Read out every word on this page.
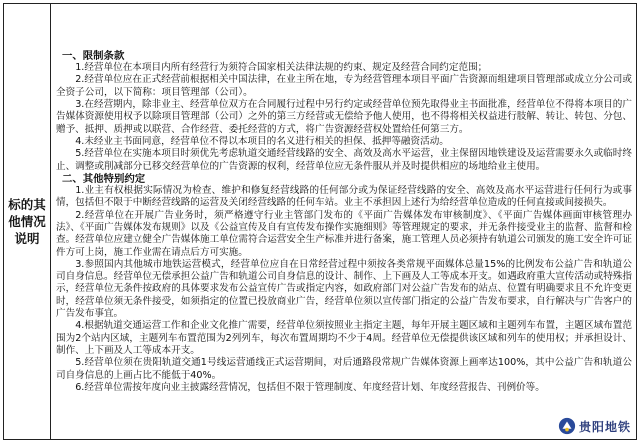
标的其他情况说明

一、限制条款
1.经营单位在本项目内所有经营行为须符合国家相关法律法规的约束、规定及经营合同约定范围；
2.经营单位应在正式经营前根据相关中国法律，在业主所在地，专为经营管理本项目平面广告资源而组建项目管理部或成立分公司或全资子公司，以下简称：项目管理部（公司）。
3.在经营期内，除非业主、经营单位双方在合同履行过程中另行约定或经营单位预先取得业主书面批准，经营单位不得将本项目的广告媒体资源使用权予以除项目管理部（公司）之外的第三方经营或无偿给予他人使用，也不得将相关权益进行肢解、转让、转包、分包、赠予、抵押、质押或以联营、合作经营、委托经营的方式，将广告资源经营权处置给任何第三方。
4.未经业主书面同意，经营单位不得以本项目的名义进行相关的担保、抵押等融资活动。
5.经营单位在实施本项目时须优先考虑轨道交通经营线路的安全、高效及高水平运营，业主保留因地铁建设及运营需要永久或临时终止、调整或削减部分已移交经营单位的广告资源的权利，经营单位应无条件服从并及时提供相应的场地给业主使用。
二、其他特别约定
1.业主有权根据实际情况为检查、维护和修复经营线路的任何部分或为保证经营线路的安全、高效及高水平运营进行任何行为或事情，包括但不限于中断经营线路的运营及关闭经营线路的任何车站。业主不承担因上述行为给经营单位造成的任何直接或间接损失。
2.经营单位在开展广告业务时，须严格遵守行业主管部门发布的《平面广告媒体发布审核制度》、《平面广告媒体画面审核管理办法》、《平面广告媒体发布规则》以及《公益宣传及自有宣传发布操作实施细则》等管理规定的要求，并无条件接受业主的监督、监督和检查。经营单位应建立健全广告媒体施工单位需符合运营安全生产标准并进行备案，施工管理人员必须持有轨道公司颁发的施工安全许可证件方可上岗，施工作业需在请点后方可实施。
3.参照国内其他城市地铁运营模式，经营单位应自在日常经营过程中须按各类常规平面媒体总量15%的比例发布公益广告和轨道公司自身信息。经营单位无偿承担公益广告和轨道公司自身信息的设计、制作、上下画及人工等成本开支。如遇政府重大宣传活动或特殊指示，经营单位无条件按政府的具体要求发布公益宣传广告或指定内容，如政府部门对公益广告发布的站点、位置有明确要求且不允许变更时，经营单位须无条件接受，如须指定的位置已投放商业广告，经营单位须以宣传部门指定的公益广告发布要求，自行解决与广告客户的广告发布事宜。
4.根据轨道交通运营工作和企业文化推广需要，经营单位须按照业主指定主题，每年开展主题区域和主题列车布置，主题区域布置范围为2个站内区域，主题列车布置范围为2列列车，每次布置周期均不少于4周。经营单位无偿提供该区域和列车的使用权；并承担设计、制作、上下画及人工等成本开支。
5.经营单位须在贵阳轨道交通1号线运营通线正式运营期间，对后通路段常规广告媒体资源上画率达100%，其中公益广告和轨道公司自身信息的上画占比不能低于40%。
6.经营单位需按年度向业主披露经营情况，包括但不限于管理制度、年度经营计划、年度经营报告、刊例价等。
贵阳地铁
